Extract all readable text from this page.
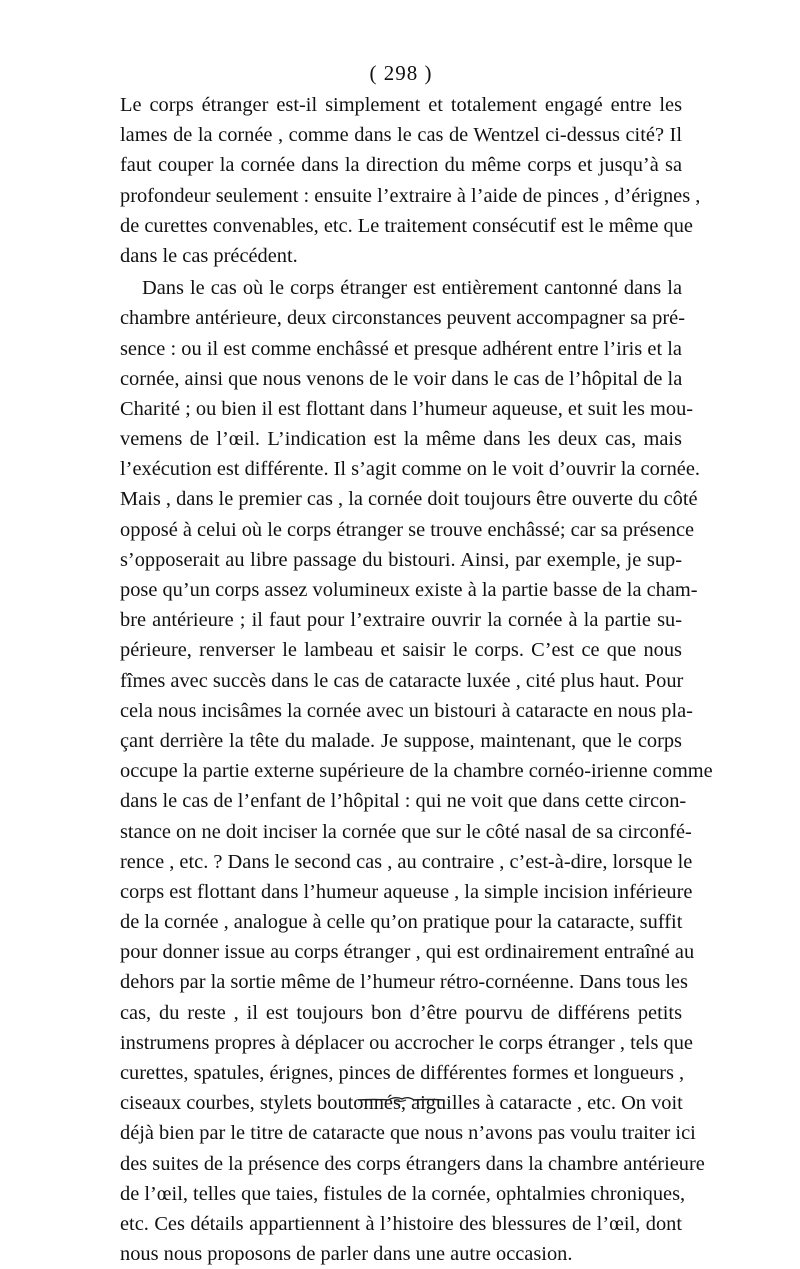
( 298 )
Le corps étranger est-il simplement et totalement engagé entre les
lames de la cornée , comme dans le cas de Wentzel ci-dessus cité? Il
faut couper la cornée dans la direction du même corps et jusqu’à sa
profondeur seulement : ensuite l’extraire à l’aide de pinces , d’érignes ,
de curettes convenables, etc. Le traitement consécutif est le même que
dans le cas précédent.
Dans le cas où le corps étranger est entièrement cantonné dans la
chambre antérieure, deux circonstances peuvent accompagner sa pré-
sence : ou il est comme enchâssé et presque adhérent entre l’iris et la
cornée, ainsi que nous venons de le voir dans le cas de l’hôpital de la
Charité ; ou bien il est flottant dans l’humeur aqueuse, et suit les mou-
vemens de l’œil. L’indication est la même dans les deux cas, mais
l’exécution est différente. Il s’agit comme on le voit d’ouvrir la cornée.
Mais , dans le premier cas , la cornée doit toujours être ouverte du côté
opposé à celui où le corps étranger se trouve enchâssé; car sa présence
s’opposerait au libre passage du bistouri. Ainsi, par exemple, je sup-
pose qu’un corps assez volumineux existe à la partie basse de la cham-
bre antérieure ; il faut pour l’extraire ouvrir la cornée à la partie su-
périeure, renverser le lambeau et saisir le corps. C’est ce que nous
fîmes avec succès dans le cas de cataracte luxée , cité plus haut. Pour
cela nous incisâmes la cornée avec un bistouri à cataracte en nous pla-
çant derrière la tête du malade. Je suppose, maintenant, que le corps
occupe la partie externe supérieure de la chambre cornéo-irienne comme
dans le cas de l’enfant de l’hôpital : qui ne voit que dans cette circon-
stance on ne doit inciser la cornée que sur le côté nasal de sa circonfé-
rence , etc. ? Dans le second cas , au contraire , c’est-à-dire, lorsque le
corps est flottant dans l’humeur aqueuse , la simple incision inférieure
de la cornée , analogue à celle qu’on pratique pour la cataracte, suffit
pour donner issue au corps étranger , qui est ordinairement entraîné au
dehors par la sortie même de l’humeur rétro-cornéenne. Dans tous les
cas, du reste , il est toujours bon d’être pourvu de différens petits
instrumens propres à déplacer ou accrocher le corps étranger , tels que
curettes, spatules, érignes, pinces de différentes formes et longueurs ,
ciseaux courbes, stylets boutonnés, aiguilles à cataracte , etc. On voit
déjà bien par le titre de cataracte que nous n’avons pas voulu traiter ici
des suites de la présence des corps étrangers dans la chambre antérieure
de l’œil, telles que taies, fistules de la cornée, ophtalmies chroniques,
etc. Ces détails appartiennent à l’histoire des blessures de l’œil, dont
nous nous proposons de parler dans une autre occasion.
